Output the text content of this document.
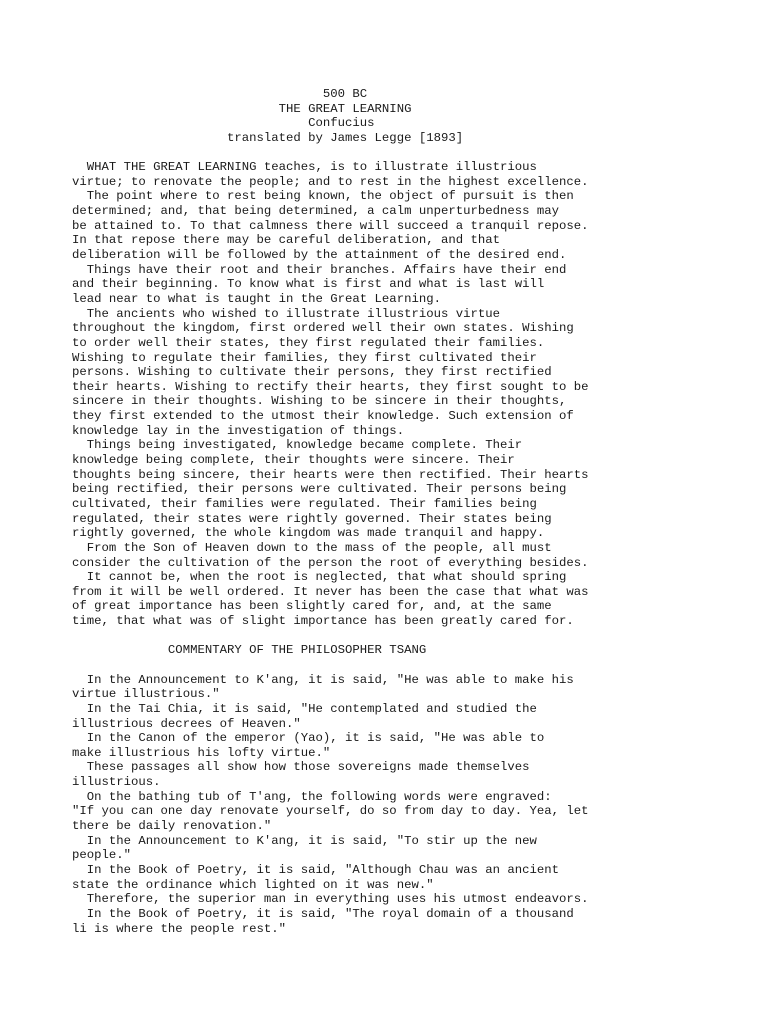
500 BC
THE GREAT LEARNING
Confucius
translated by James Legge [1893]
WHAT THE GREAT LEARNING teaches, is to illustrate illustrious
virtue; to renovate the people; and to rest in the highest excellence.
The point where to rest being known, the object of pursuit is then
determined; and, that being determined, a calm unperturbedness may
be attained to. To that calmness there will succeed a tranquil repose.
In that repose there may be careful deliberation, and that
deliberation will be followed by the attainment of the desired end.
Things have their root and their branches. Affairs have their end
and their beginning. To know what is first and what is last will
lead near to what is taught in the Great Learning.
The ancients who wished to illustrate illustrious virtue
throughout the kingdom, first ordered well their own states. Wishing
to order well their states, they first regulated their families.
Wishing to regulate their families, they first cultivated their
persons. Wishing to cultivate their persons, they first rectified
their hearts. Wishing to rectify their hearts, they first sought to be
sincere in their thoughts. Wishing to be sincere in their thoughts,
they first extended to the utmost their knowledge. Such extension of
knowledge lay in the investigation of things.
Things being investigated, knowledge became complete. Their
knowledge being complete, their thoughts were sincere. Their
thoughts being sincere, their hearts were then rectified. Their hearts
being rectified, their persons were cultivated. Their persons being
cultivated, their families were regulated. Their families being
regulated, their states were rightly governed. Their states being
rightly governed, the whole kingdom was made tranquil and happy.
From the Son of Heaven down to the mass of the people, all must
consider the cultivation of the person the root of everything besides.
It cannot be, when the root is neglected, that what should spring
from it will be well ordered. It never has been the case that what was
of great importance has been slightly cared for, and, at the same
time, that what was of slight importance has been greatly cared for.
COMMENTARY OF THE PHILOSOPHER TSANG
In the Announcement to K'ang, it is said, "He was able to make his
virtue illustrious."
In the Tai Chia, it is said, "He contemplated and studied the
illustrious decrees of Heaven."
In the Canon of the emperor (Yao), it is said, "He was able to
make illustrious his lofty virtue."
These passages all show how those sovereigns made themselves
illustrious.
On the bathing tub of T'ang, the following words were engraved:
"If you can one day renovate yourself, do so from day to day. Yea, let
there be daily renovation."
In the Announcement to K'ang, it is said, "To stir up the new
people."
In the Book of Poetry, it is said, "Although Chau was an ancient
state the ordinance which lighted on it was new."
Therefore, the superior man in everything uses his utmost endeavors.
In the Book of Poetry, it is said, "The royal domain of a thousand
li is where the people rest."
